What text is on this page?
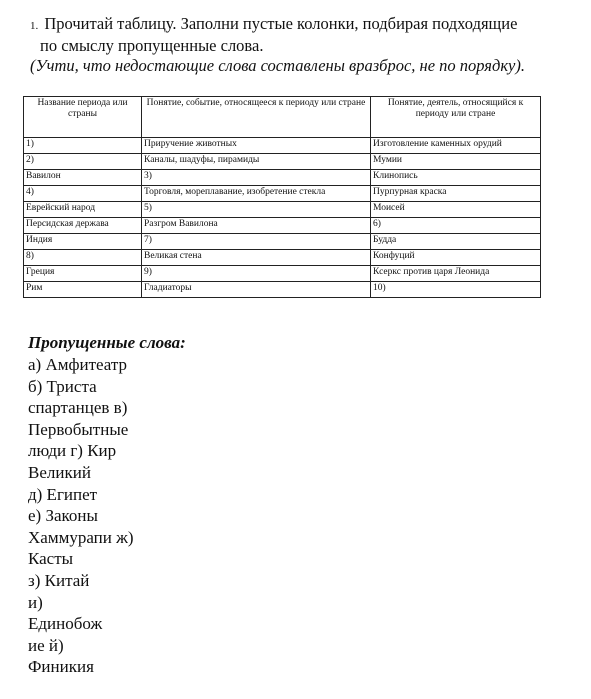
1. Прочитай таблицу. Заполни пустые колонки, подбирая подходящие
по смыслу пропущенные слова.
(Учти, что недостающие слова составлены вразброс, не по порядку).
Название периода или страны	Понятие, событие, относящееся к периоду или стране	Понятие, деятель, относящийся к периоду или стране
1)	Приручение животных	Изготовление каменных орудий
2)	Каналы, шадуфы, пирамиды	Мумии
Вавилон	3)	Клинопись
4)	Торговля, мореплавание, изобретение стекла	Пурпурная краска
Еврейский народ	5)	Моисей
Персидская держава	Разгром Вавилона	6)
Индия	7)	Будда
8)	Великая стена	Конфуций
Греция	9)	Ксеркс против царя Леонида
Рим	Гладиаторы	10)
Пропущенные слова:
а) Амфитеатр
б) Триста
спартанцев в)
Первобытные
люди г) Кир
Великий
д) Египет
е) Законы
Хаммурапи ж)
Касты
з) Китай
и)
Единобож
ие й)
Финикия
